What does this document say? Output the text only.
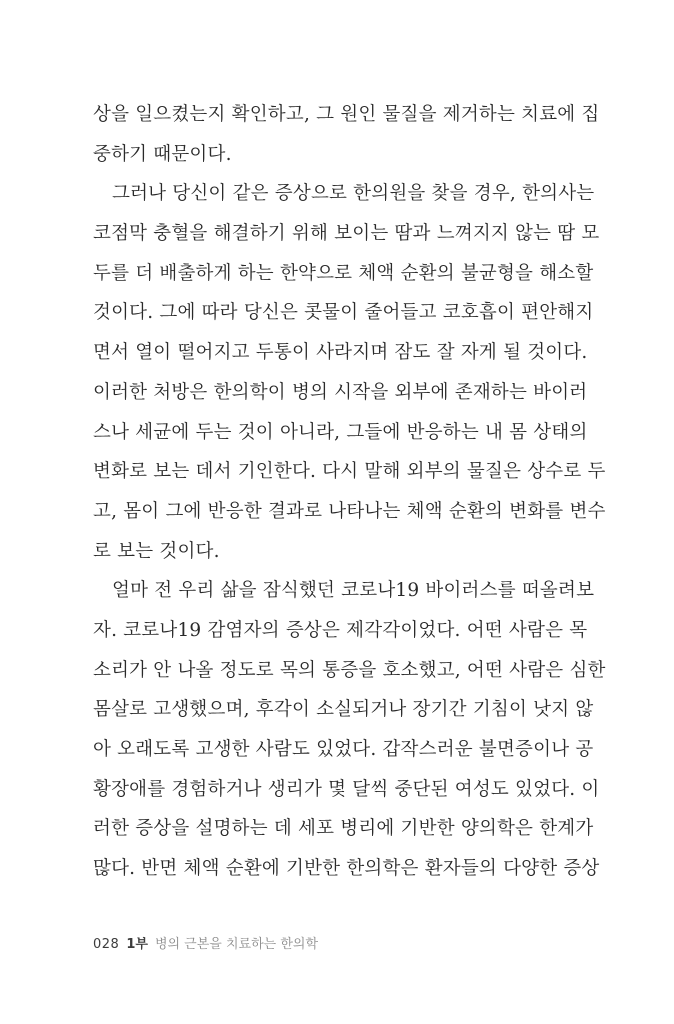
상을 일으켰는지 확인하고, 그 원인 물질을 제거하는 치료에 집
중하기 때문이다.
그러나 당신이 같은 증상으로 한의원을 찾을 경우, 한의사는
코점막 충혈을 해결하기 위해 보이는 땀과 느껴지지 않는 땀 모
두를 더 배출하게 하는 한약으로 체액 순환의 불균형을 해소할
것이다. 그에 따라 당신은 콧물이 줄어들고 코호흡이 편안해지
면서 열이 떨어지고 두통이 사라지며 잠도 잘 자게 될 것이다.
이러한 처방은 한의학이 병의 시작을 외부에 존재하는 바이러
스나 세균에 두는 것이 아니라, 그들에 반응하는 내 몸 상태의
변화로 보는 데서 기인한다. 다시 말해 외부의 물질은 상수로 두
고, 몸이 그에 반응한 결과로 나타나는 체액 순환의 변화를 변수
로 보는 것이다.
얼마 전 우리 삶을 잠식했던 코로나19 바이러스를 떠올려보
자. 코로나19 감염자의 증상은 제각각이었다. 어떤 사람은 목
소리가 안 나올 정도로 목의 통증을 호소했고, 어떤 사람은 심한
몸살로 고생했으며, 후각이 소실되거나 장기간 기침이 낫지 않
아 오래도록 고생한 사람도 있었다. 갑작스러운 불면증이나 공
황장애를 경험하거나 생리가 몇 달씩 중단된 여성도 있었다. 이
러한 증상을 설명하는 데 세포 병리에 기반한 양의학은 한계가
많다. 반면 체액 순환에 기반한 한의학은 환자들의 다양한 증상
028 1부 병의 근본을 치료하는 한의학
